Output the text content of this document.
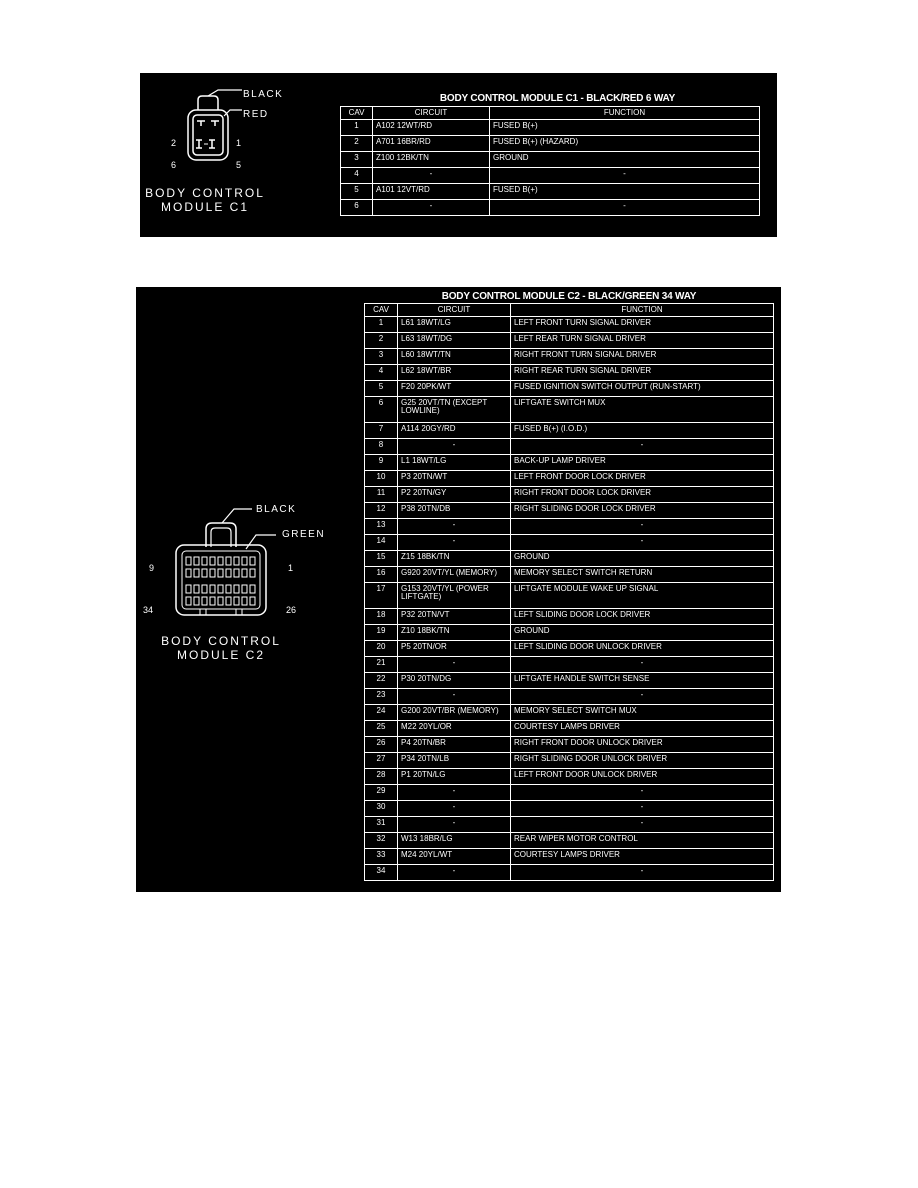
BLACK
RED
2	1
6	5
BODY CONTROL
MODULE C1
BODY CONTROL MODULE C1 - BLACK/RED 6 WAY
CAV	CIRCUIT	FUNCTION
1	A102 12WT/RD	FUSED B(+)
2	A701 16BR/RD	FUSED B(+) (HAZARD)
3	Z100 12BK/TN	GROUND
4	-	-
5	A101 12VT/RD	FUSED B(+)
6	-	-
BLACK
GREEN
9	1
34	26
BODY CONTROL
MODULE C2
BODY CONTROL MODULE C2 - BLACK/GREEN 34 WAY
CAV	CIRCUIT	FUNCTION
1	L61 18WT/LG	LEFT FRONT TURN SIGNAL DRIVER
2	L63 18WT/DG	LEFT REAR TURN SIGNAL DRIVER
3	L60 18WT/TN	RIGHT FRONT TURN SIGNAL DRIVER
4	L62 18WT/BR	RIGHT REAR TURN SIGNAL DRIVER
5	F20 20PK/WT	FUSED IGNITION SWITCH OUTPUT (RUN-START)
6	G25 20VT/TN (EXCEPT LOWLINE)	LIFTGATE SWITCH MUX
7	A114 20GY/RD	FUSED B(+) (I.O.D.)
8	-	-
9	L1 18WT/LG	BACK-UP LAMP DRIVER
10	P3 20TN/WT	LEFT FRONT DOOR LOCK DRIVER
11	P2 20TN/GY	RIGHT FRONT DOOR LOCK DRIVER
12	P38 20TN/DB	RIGHT SLIDING DOOR LOCK DRIVER
13	-	-
14	-	-
15	Z15 18BK/TN	GROUND
16	G920 20VT/YL (MEMORY)	MEMORY SELECT SWITCH RETURN
17	G153 20VT/YL (POWER LIFTGATE)	LIFTGATE MODULE WAKE UP SIGNAL
18	P32 20TN/VT	LEFT SLIDING DOOR LOCK DRIVER
19	Z10 18BK/TN	GROUND
20	P5 20TN/OR	LEFT SLIDING DOOR UNLOCK DRIVER
21	-	-
22	P30 20TN/DG	LIFTGATE HANDLE SWITCH SENSE
23	-	-
24	G200 20VT/BR (MEMORY)	MEMORY SELECT SWITCH MUX
25	M22 20YL/OR	COURTESY LAMPS DRIVER
26	P4 20TN/BR	RIGHT FRONT DOOR UNLOCK DRIVER
27	P34 20TN/LB	RIGHT SLIDING DOOR UNLOCK DRIVER
28	P1 20TN/LG	LEFT FRONT DOOR UNLOCK DRIVER
29	-	-
30	-	-
31	-	-
32	W13 18BR/LG	REAR WIPER MOTOR CONTROL
33	M24 20YL/WT	COURTESY LAMPS DRIVER
34	-	-
